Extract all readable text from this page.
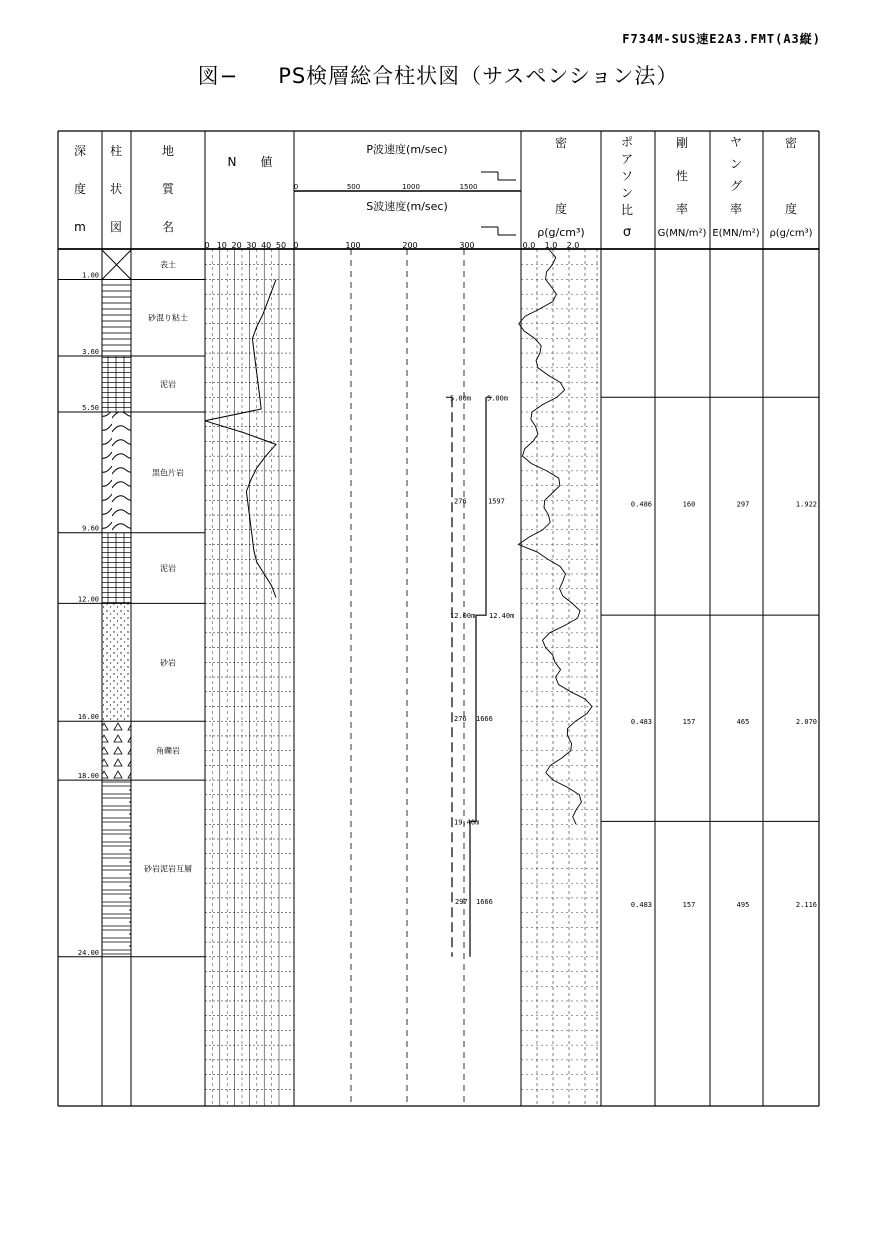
F734M-SUS速E2A3.FMT(A3縦)
図− PS検層総合柱状図（サスペンション法）
深
度
m
柱
状
図
地
質
名
N　　値
0 10 20 30 40 50
P波速度(m/sec)
0	500	1000	1500
S波速度(m/sec)
0	100	200	300
密
度
ρ(g/cm³)
0.0 1.0 2.0
ポ
ア
ソ
ン
比
σ
剛
性
率
G(MN/m²)
ヤ
ン
グ
率
E(MN/m²)
密
度
ρ(g/cm³)
1.00
表土
3.60
砂混り粘土
5.50
泥岩
9.60
黒色片岩
12.00
泥岩
16.00
砂岩
18.00
角礫岩
24.00
砂岩泥岩互層
5.00m 5.00m
276	1597
12.00m 12.40m
276 1666
19.40m
297 1666
0.486	160	297	1.922
0.483	157	465	2.070
0.483	157	495	2.116
